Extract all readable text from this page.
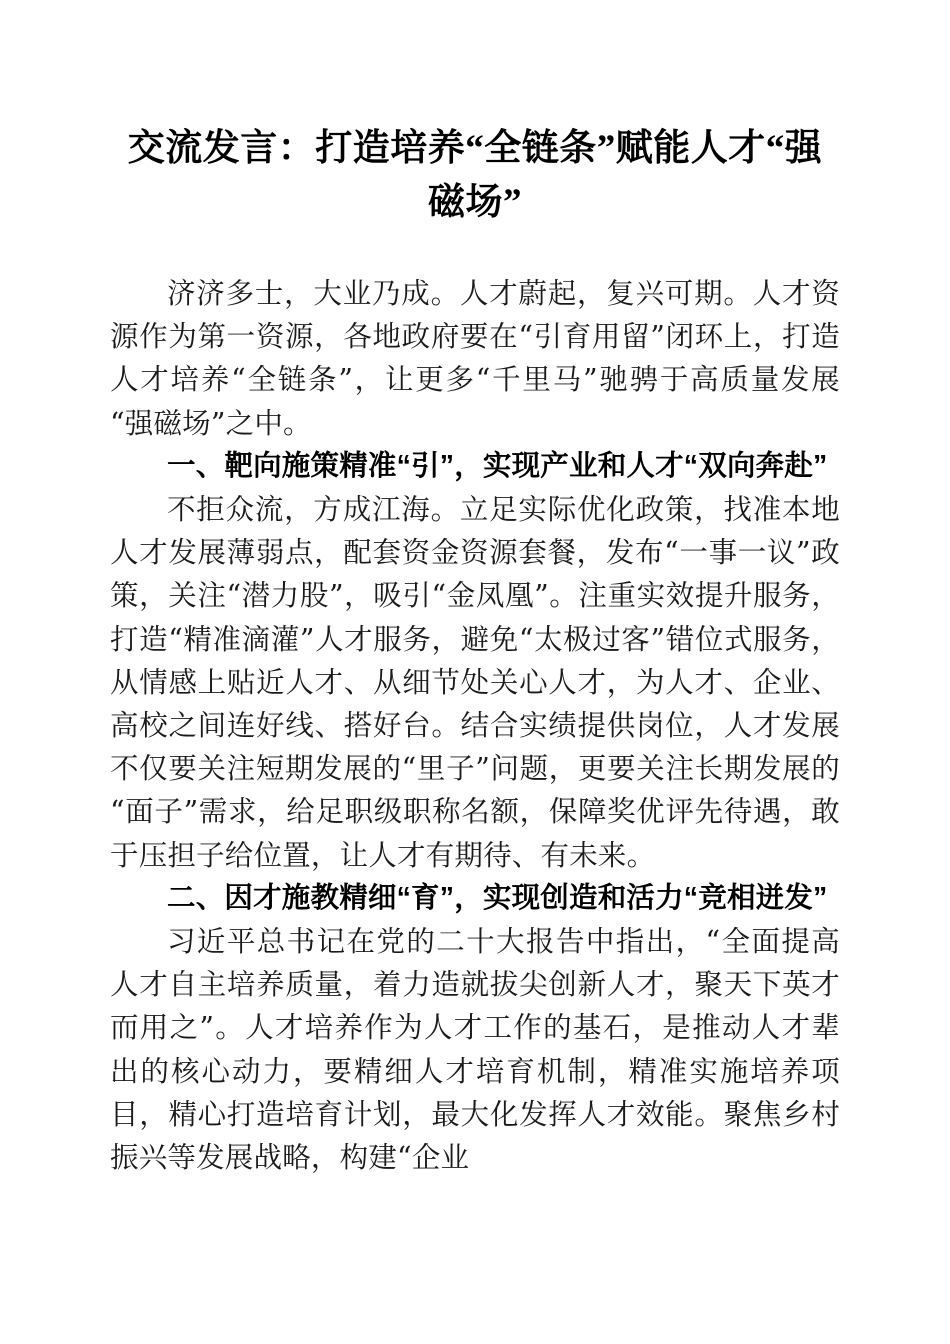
交流发言：打造培养“全链条”赋能人才“强磁场”

济济多士，大业乃成。人才蔚起，复兴可期。人才资源作为第一资源，各地政府要在“引育用留”闭环上，打造人才培养“全链条”，让更多“千里马”驰骋于高质量发展“强磁场”之中。

一、靶向施策精准“引”，实现产业和人才“双向奔赴”

不拒众流，方成江海。立足实际优化政策，找准本地人才发展薄弱点，配套资金资源套餐，发布“一事一议”政策，关注“潜力股”，吸引“金凤凰”。注重实效提升服务，打造“精准滴灌”人才服务，避免“太极过客”错位式服务，从情感上贴近人才、从细节处关心人才，为人才、企业、高校之间连好线、搭好台。结合实绩提供岗位，人才发展不仅要关注短期发展的“里子”问题，更要关注长期发展的“面子”需求，给足职级职称名额，保障奖优评先待遇，敢于压担子给位置，让人才有期待、有未来。

二、因才施教精细“育”，实现创造和活力“竞相迸发”

习近平总书记在党的二十大报告中指出，“全面提高人才自主培养质量，着力造就拔尖创新人才，聚天下英才而用之”。人才培养作为人才工作的基石，是推动人才辈出的核心动力，要精细人才培育机制，精准实施培养项目，精心打造培育计划，最大化发挥人才效能。聚焦乡村振兴等发展战略，构建“企业
